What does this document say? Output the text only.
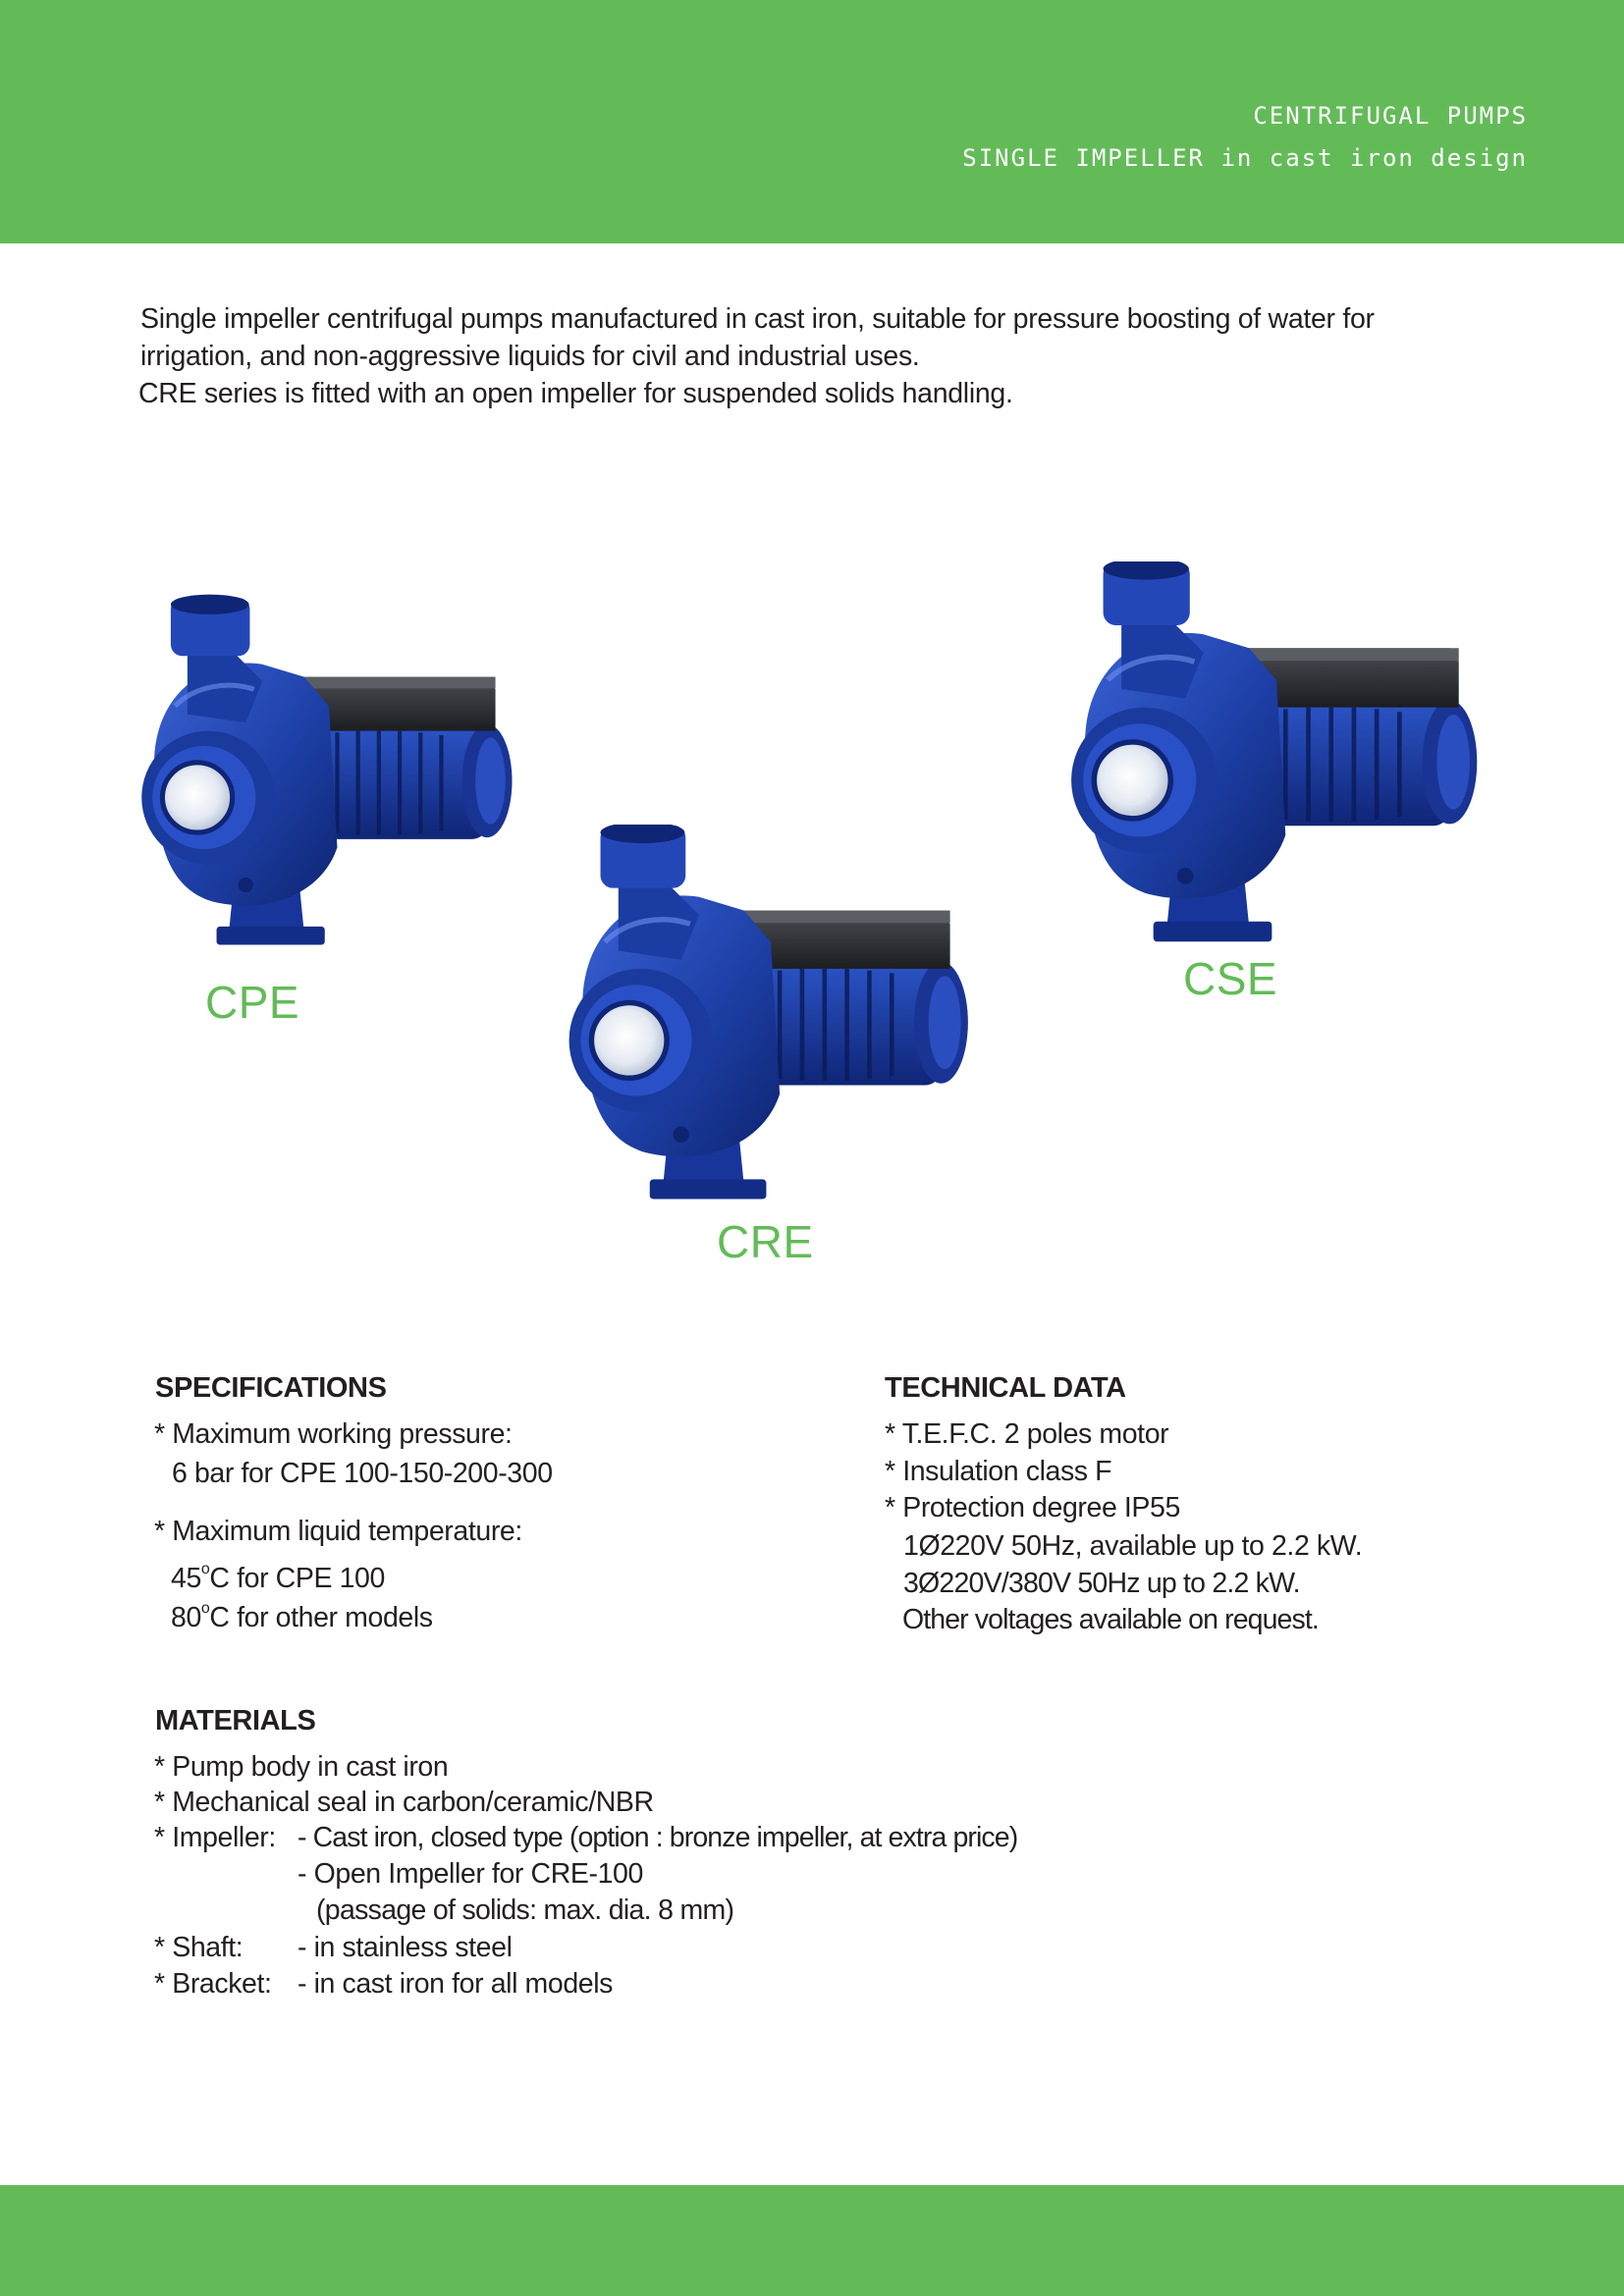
CENTRIFUGAL PUMPS
SINGLE IMPELLER in cast iron design

Single impeller centrifugal pumps manufactured in cast iron, suitable for pressure boosting of water for

irrigation, and non-aggressive liquids for civil and industrial uses.

CRE series is fitted with an open impeller for suspended solids handling.

CPE
CRE
CSE
SPECIFICATIONS
* Maximum working pressure:
6 bar for CPE 100-150-200-300
* Maximum liquid temperature:
45$^o$C for CPE 100
80$^o$C for other models
TECHNICAL DATA
* T.E.F.C. 2 poles motor
* Insulation class F
* Protection degree IP55
1Ø220V 50Hz, available up to 2.2 kW.
3Ø220V/380V 50Hz up to 2.2 kW.
Other voltages available on request.
MATERIALS
* Pump body in cast iron
* Mechanical seal in carbon/ceramic/NBR
* Impeller: - Cast iron, closed type (option : bronze impeller, at extra price)
- Open Impeller for CRE-100
(passage of solids: max. dia. 8 mm)
* Shaft: - in stainless steel
* Bracket: - in cast iron for all models
